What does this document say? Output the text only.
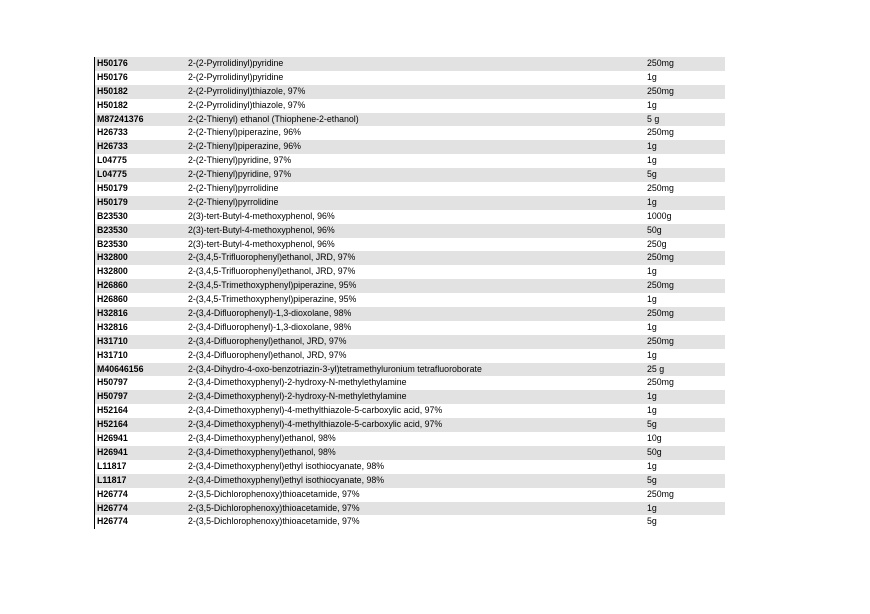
H50176	2-(2-Pyrrolidinyl)pyridine	250mg
H50176	2-(2-Pyrrolidinyl)pyridine	1g
H50182	2-(2-Pyrrolidinyl)thiazole, 97%	250mg
H50182	2-(2-Pyrrolidinyl)thiazole, 97%	1g
M87241376	2-(2-Thienyl) ethanol (Thiophene-2-ethanol)	5 g
H26733	2-(2-Thienyl)piperazine, 96%	250mg
H26733	2-(2-Thienyl)piperazine, 96%	1g
L04775	2-(2-Thienyl)pyridine, 97%	1g
L04775	2-(2-Thienyl)pyridine, 97%	5g
H50179	2-(2-Thienyl)pyrrolidine	250mg
H50179	2-(2-Thienyl)pyrrolidine	1g
B23530	2(3)-tert-Butyl-4-methoxyphenol, 96%	1000g
B23530	2(3)-tert-Butyl-4-methoxyphenol, 96%	50g
B23530	2(3)-tert-Butyl-4-methoxyphenol, 96%	250g
H32800	2-(3,4,5-Trifluorophenyl)ethanol, JRD, 97%	250mg
H32800	2-(3,4,5-Trifluorophenyl)ethanol, JRD, 97%	1g
H26860	2-(3,4,5-Trimethoxyphenyl)piperazine, 95%	250mg
H26860	2-(3,4,5-Trimethoxyphenyl)piperazine, 95%	1g
H32816	2-(3,4-Difluorophenyl)-1,3-dioxolane, 98%	250mg
H32816	2-(3,4-Difluorophenyl)-1,3-dioxolane, 98%	1g
H31710	2-(3,4-Difluorophenyl)ethanol, JRD, 97%	250mg
H31710	2-(3,4-Difluorophenyl)ethanol, JRD, 97%	1g
M40646156	2-(3,4-Dihydro-4-oxo-benzotriazin-3-yl)tetramethyluronium tetrafluoroborate	25 g
H50797	2-(3,4-Dimethoxyphenyl)-2-hydroxy-N-methylethylamine	250mg
H50797	2-(3,4-Dimethoxyphenyl)-2-hydroxy-N-methylethylamine	1g
H52164	2-(3,4-Dimethoxyphenyl)-4-methylthiazole-5-carboxylic acid, 97%	1g
H52164	2-(3,4-Dimethoxyphenyl)-4-methylthiazole-5-carboxylic acid, 97%	5g
H26941	2-(3,4-Dimethoxyphenyl)ethanol, 98%	10g
H26941	2-(3,4-Dimethoxyphenyl)ethanol, 98%	50g
L11817	2-(3,4-Dimethoxyphenyl)ethyl isothiocyanate, 98%	1g
L11817	2-(3,4-Dimethoxyphenyl)ethyl isothiocyanate, 98%	5g
H26774	2-(3,5-Dichlorophenoxy)thioacetamide, 97%	250mg
H26774	2-(3,5-Dichlorophenoxy)thioacetamide, 97%	1g
H26774	2-(3,5-Dichlorophenoxy)thioacetamide, 97%	5g
